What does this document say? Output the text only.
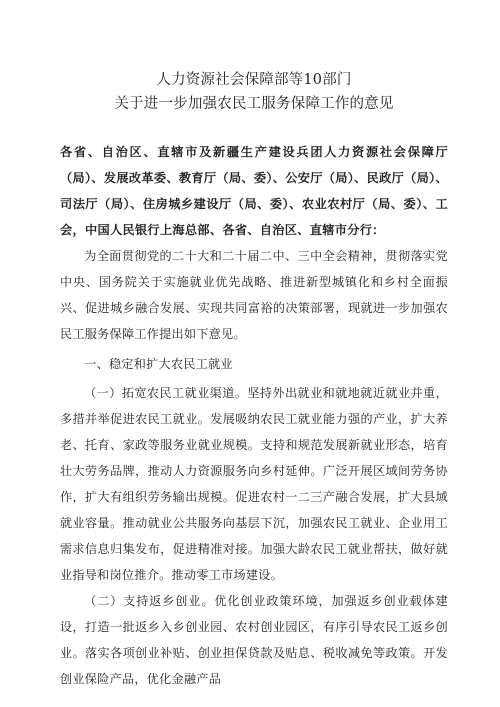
人力资源社会保障部等10部门
关于进一步加强农民工服务保障工作的意见
各省、自治区、直辖市及新疆生产建设兵团人力资源社会保障厅（局）、发展改革委、教育厅（局、委）、公安厅（局）、民政厅（局）、司法厅（局）、住房城乡建设厅（局、委）、农业农村厅（局、委）、工会，中国人民银行上海总部、各省、自治区、直辖市分行：

为全面贯彻党的二十大和二十届二中、三中全会精神，贯彻落实党中央、国务院关于实施就业优先战略、推进新型城镇化和乡村全面振兴、促进城乡融合发展、实现共同富裕的决策部署，现就进一步加强农民工服务保障工作提出如下意见。

一、稳定和扩大农民工就业

（一）拓宽农民工就业渠道。坚持外出就业和就地就近就业并重，多措并举促进农民工就业。发展吸纳农民工就业能力强的产业，扩大养老、托育、家政等服务业就业规模。支持和规范发展新就业形态，培育壮大劳务品牌，推动人力资源服务向乡村延伸。广泛开展区域间劳务协作，扩大有组织劳务输出规模。促进农村一二三产融合发展，扩大县域就业容量。推动就业公共服务向基层下沉，加强农民工就业、企业用工需求信息归集发布，促进精准对接。加强大龄农民工就业帮扶，做好就业指导和岗位推介。推动零工市场建设。

（二）支持返乡创业。优化创业政策环境，加强返乡创业载体建设，打造一批返乡入乡创业园、农村创业园区，有序引导农民工返乡创业。落实各项创业补贴、创业担保贷款及贴息、税收减免等政策。开发创业保险产品，优化金融产品
